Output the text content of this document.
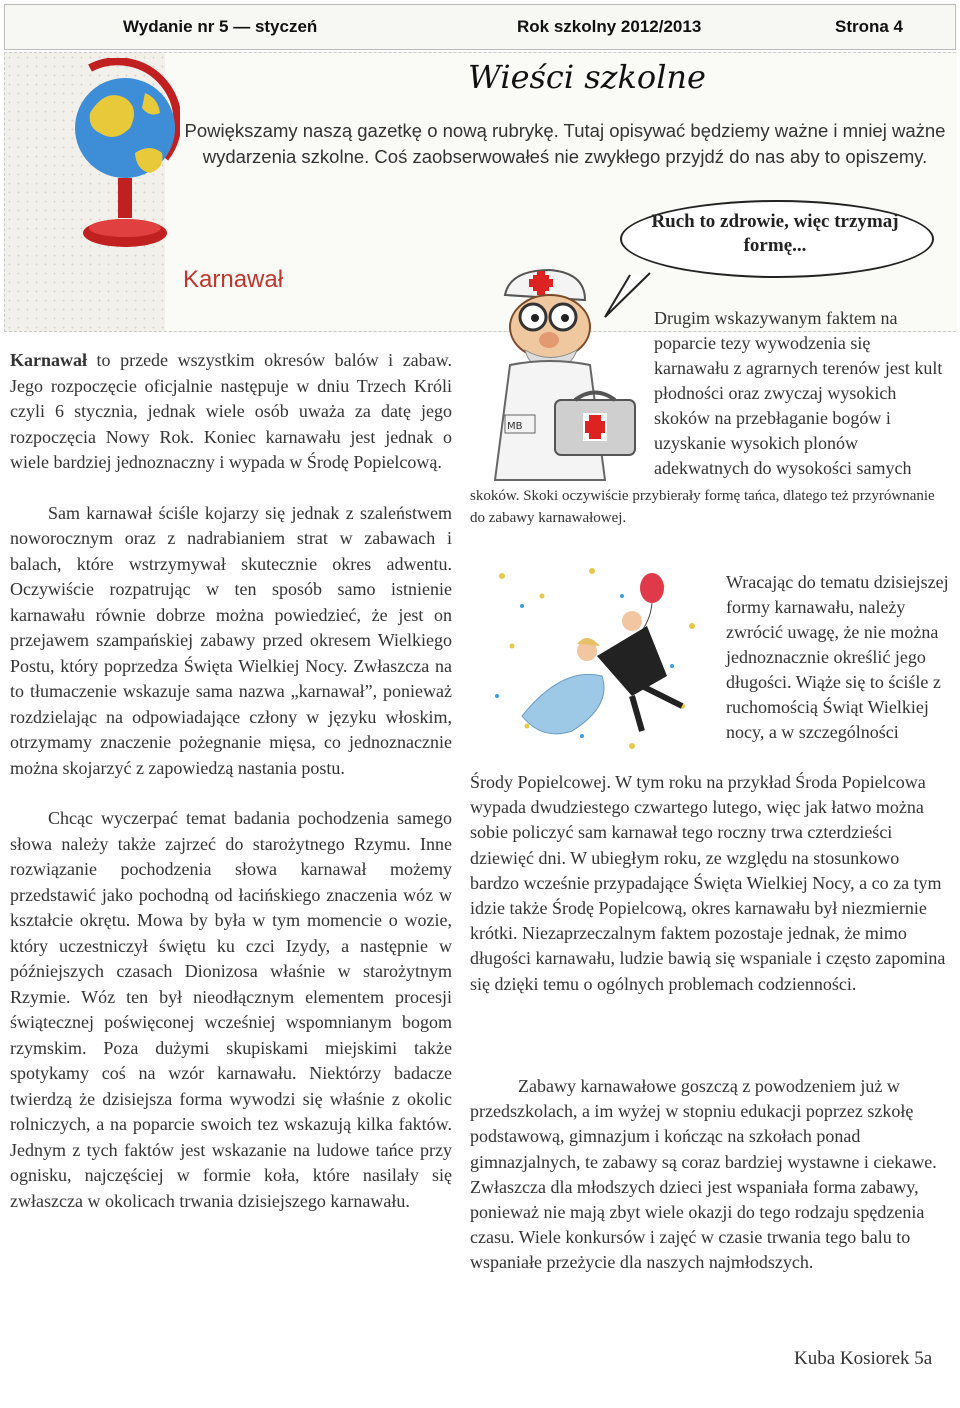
Wydanie nr 5 — styczeń	Rok szkolny 2012/2013	Strona 4
Wieści szkolne
Powiększamy naszą gazetkę o nową rubrykę. Tutaj opisywać będziemy ważne i mniej ważne wydarzenia szkolne. Coś zaobserwowałeś nie zwykłego przyjdź do nas aby to opiszemy.
Karnawał
Ruch to zdrowie, więc trzymaj formę...
MB

Karnawał to przede wszystkim okresów balów i zabaw. Jego rozpoczęcie oficjalnie następuje w dniu Trzech Króli czyli 6 stycznia, jednak wiele osób uważa za datę jego rozpoczęcia Nowy Rok. Koniec karnawału jest jednak o wiele bardziej jednoznaczny i wypada w Środę Popielcową.

Sam karnawał ściśle kojarzy się jednak z szaleństwem noworocznym oraz z nadrabianiem strat w zabawach i balach, które wstrzymywał skutecznie okres adwentu. Oczywiście rozpatrując w ten sposób samo istnienie karnawału równie dobrze można powiedzieć, że jest on przejawem szampańskiej zabawy przed okresem Wielkiego Postu, który poprzedza Święta Wielkiej Nocy. Zwłaszcza na to tłumaczenie wskazuje sama nazwa „karnawał”, ponieważ rozdzielając na odpowiadające człony w języku włoskim, otrzymamy znaczenie pożegnanie mięsa, co jednoznacznie można skojarzyć z zapowiedzą nastania postu.

Chcąc wyczerpać temat badania pochodzenia samego słowa należy także zajrzeć do starożytnego Rzymu. Inne rozwiązanie pochodzenia słowa karnawał możemy przedstawić jako pochodną od łacińskiego znaczenia wóz w kształcie okrętu. Mowa by była w tym momencie o wozie, który uczestniczył świętu ku czci Izydy, a następnie w późniejszych czasach Dionizosa właśnie w starożytnym Rzymie. Wóz ten był nieodłącznym elementem procesji świątecznej poświęconej wcześniej wspomnianym bogom rzymskim. Poza dużymi skupiskami miejskimi także spotykamy coś na wzór karnawału. Niektórzy badacze twierdzą że dzisiejsza forma wywodzi się właśnie z okolic rolniczych, a na poparcie swoich tez wskazują kilka faktów. Jednym z tych faktów jest wskazanie na ludowe tańce przy ognisku, najczęściej w formie koła, które nasilały się zwłaszcza w okolicach trwania dzisiejszego karnawału.

Drugim wskazywanym faktem na poparcie tezy wywodzenia się karnawału z agrarnych terenów jest kult płodności oraz zwyczaj wysokich skoków na przebłaganie bogów i uzyskanie wysokich plonów adekwatnych do wysokości samych
skoków. Skoki oczywiście przybierały formę tańca, dlatego też przyrównanie do zabawy karnawałowej.
Wracając do tematu dzisiejszej formy karnawału, należy zwrócić uwagę, że nie można jednoznacznie określić jego długości. Wiąże się to ściśle z ruchomością Świąt Wielkiej nocy, a w szczególności
Środy Popielcowej. W tym roku na przykład Środa Popielcowa wypada dwudziestego czwartego lutego, więc jak łatwo można sobie policzyć sam karnawał tego roczny trwa czterdzieści dziewięć dni. W ubiegłym roku, ze względu na stosunkowo bardzo wcześnie przypadające Święta Wielkiej Nocy, a co za tym idzie także Środę Popielcową, okres karnawału był niezmiernie krótki. Niezaprzeczalnym faktem pozostaje jednak, że mimo długości karnawału, ludzie bawią się wspaniale i często zapomina się dzięki temu o ogólnych problemach codzienności.
Zabawy karnawałowe goszczą z powodzeniem już w przedszkolach, a im wyżej w stopniu edukacji poprzez szkołę podstawową, gimnazjum i kończąc na szkołach ponad gimnazjalnych, te zabawy są coraz bardziej wystawne i ciekawe. Zwłaszcza dla młodszych dzieci jest wspaniała forma zabawy, ponieważ nie mają zbyt wiele okazji do tego rodzaju spędzenia czasu. Wiele konkursów i zajęć w czasie trwania tego balu to wspaniałe przeżycie dla naszych najmłodszych.
Kuba Kosiorek 5a
